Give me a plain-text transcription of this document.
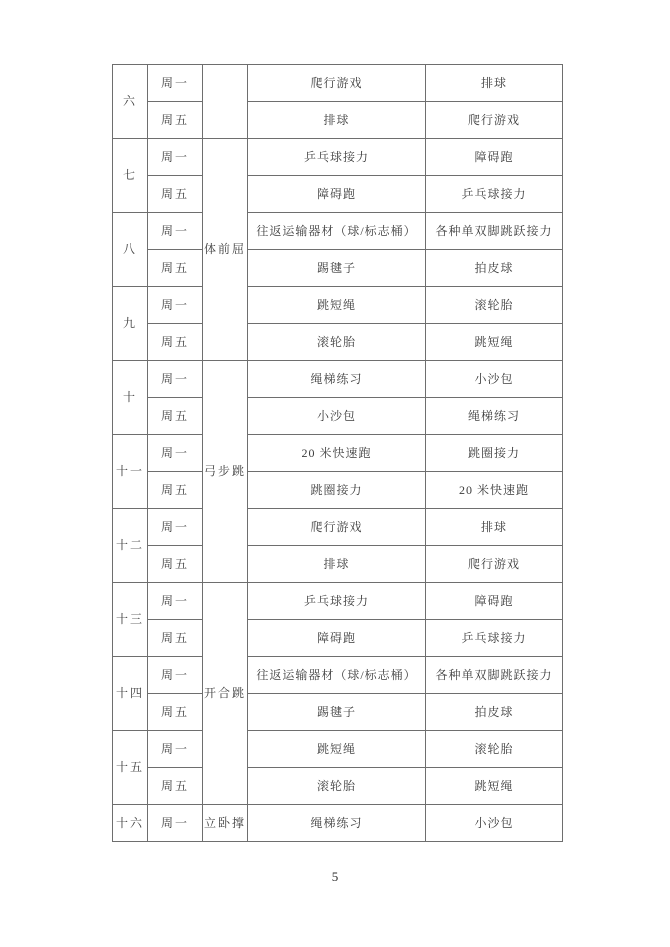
六	周一		爬行游戏	排球
	周五		排球	爬行游戏
七	周一	体前屈	乒乓球接力	障碍跑
	周五		障碍跑	乒乓球接力
八	周一		往返运输器材（球/标志桶）	各种单双脚跳跃接力
	周五		踢毽子	拍皮球
九	周一		跳短绳	滚轮胎
	周五		滚轮胎	跳短绳
十	周一	弓步跳	绳梯练习	小沙包
	周五		小沙包	绳梯练习
十一	周一		20 米快速跑	跳圈接力
	周五		跳圈接力	20 米快速跑
十二	周一		爬行游戏	排球
	周五		排球	爬行游戏
十三	周一	开合跳	乒乓球接力	障碍跑
	周五		障碍跑	乒乓球接力
十四	周一		往返运输器材（球/标志桶）	各种单双脚跳跃接力
	周五		踢毽子	拍皮球
十五	周一		跳短绳	滚轮胎
	周五		滚轮胎	跳短绳
十六	周一	立卧撑	绳梯练习	小沙包
5
